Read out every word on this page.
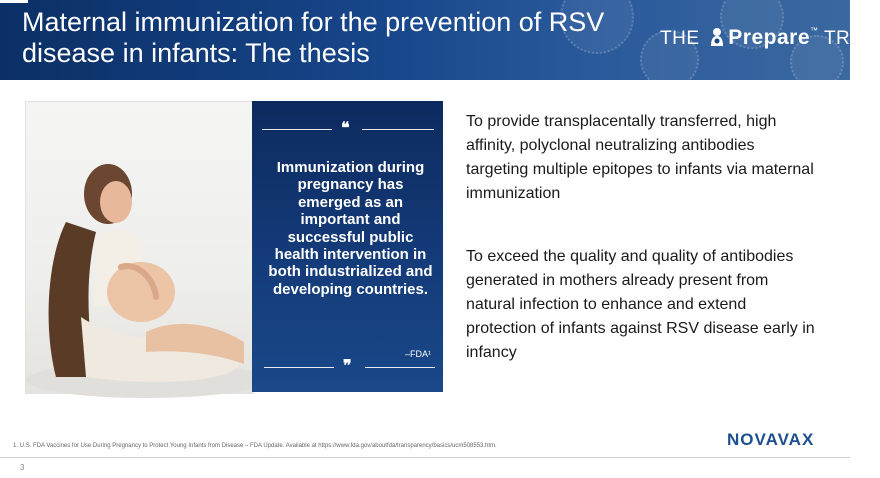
Maternal immunization for the prevention of RSV disease in infants: The thesis	THE Prepare™ TRIAL
❝
Immunization during pregnancy has emerged as an important and successful public health intervention in both industrialized and developing countries.
–FDA¹
❞

To provide transplacentally transferred, high affinity, polyclonal neutralizing antibodies targeting multiple epitopes to infants via maternal immunization

To exceed the quality and quality of antibodies generated in mothers already present from natural infection to enhance and extend protection of infants against RSV disease early in infancy

1. U.S. FDA Vaccines for Use During Pregnancy to Protect Young Infants from Disease – FDA Update. Available at https://www.fda.gov/aboutfda/transparency/basics/ucm508553.htm.	NOVAVAX
3
